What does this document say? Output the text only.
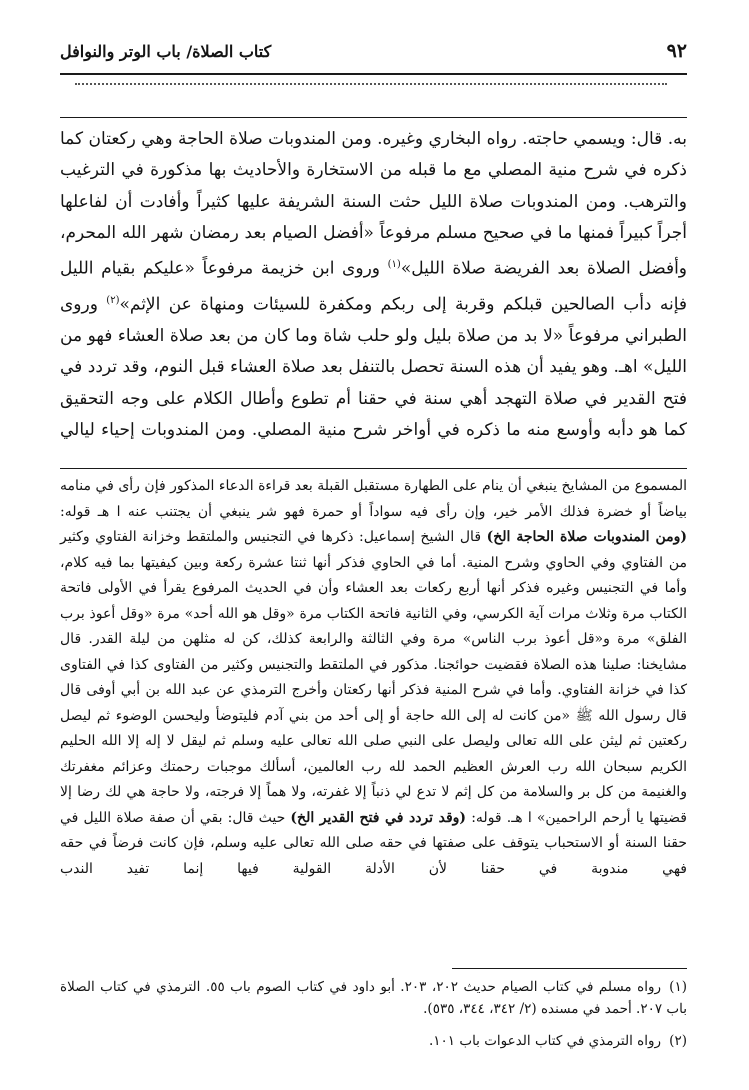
٩٢
كتاب الصلاة/ باب الوتر والنوافل

به. قال: ويسمي حاجته. رواه البخاري وغيره. ومن المندوبات صلاة الحاجة وهي ركعتان كما ذكره في شرح منية المصلي مع ما قبله من الاستخارة والأحاديث بها مذكورة في الترغيب والترهب. ومن المندوبات صلاة الليل حثت السنة الشريفة عليها كثيراً وأفادت أن لفاعلها أجراً كبيراً فمنها ما في صحيح مسلم مرفوعاً «أفضل الصيام بعد رمضان شهر الله المحرم، وأفضل الصلاة بعد الفريضة صلاة الليل»$^{(١)}$ وروى ابن خزيمة مرفوعاً «عليكم بقيام الليل فإنه دأب الصالحين قبلكم وقربة إلى ربكم ومكفرة للسيئات ومنهاة عن الإثم»$^{(٢)}$ وروى الطبراني مرفوعاً «لا بد من صلاة بليل ولو حلب شاة وما كان من بعد صلاة العشاء فهو من الليل» اهـ. وهو يفيد أن هذه السنة تحصل بالتنفل بعد صلاة العشاء قبل النوم، وقد تردد في فتح القدير في صلاة التهجد أهي سنة في حقنا أم تطوع وأطال الكلام على وجه التحقيق كما هو دأبه وأوسع منه ما ذكره في أواخر شرح منية المصلي. ومن المندوبات إحياء ليالي

المسموع من المشايخ ينبغي أن ينام على الطهارة مستقبل القبلة بعد قراءة الدعاء المذكور فإن رأى في منامه بياضاً أو خضرة فذلك الأمر خير، وإن رأى فيه سواداً أو حمرة فهو شر ينبغي أن يجتنب عنه ا هـ قوله:
(ومن المندوبات صلاة الحاجة الخ) قال الشيخ إسماعيل: ذكرها في التجنيس والملتقط وخزانة الفتاوي وكثير من الفتاوي وفي الحاوي وشرح المنية. أما في الحاوي فذكر أنها ثنتا عشرة ركعة وبين كيفيتها بما فيه كلام، وأما في التجنيس وغيره فذكر أنها أربع ركعات بعد العشاء وأن في الحديث المرفوع يقرأ في الأولى فاتحة الكتاب مرة وثلاث مرات آية الكرسي، وفي الثانية فاتحة الكتاب مرة «وقل هو الله أحد» مرة «وقل أعوذ برب الفلق» مرة و«قل أعوذ برب الناس» مرة وفي الثالثة والرابعة كذلك، كن له مثلهن من ليلة القدر. قال مشايخنا: صلينا هذه الصلاة فقضيت حوائجنا. مذكور في الملتقط والتجنيس وكثير من الفتاوى كذا في الفتاوى كذا في خزانة الفتاوي. وأما في شرح المنية فذكر أنها ركعتان وأخرج الترمذي عن عبد الله بن أبي أوفى قال قال رسول الله ﷺ «من كانت له إلى الله حاجة أو إلى أحد من بني آدم فليتوضأ وليحسن الوضوء ثم ليصل ركعتين ثم ليثن على الله تعالى وليصل على النبي صلى الله تعالى عليه وسلم ثم ليقل لا إله إلا الله الحليم الكريم سبحان الله رب العرش العظيم الحمد لله رب العالمين، أسألك موجبات رحمتك وعزائم مغفرتك والغنيمة من كل بر والسلامة من كل إثم لا تدع لي ذنباً إلا غفرته، ولا هماً إلا فرجته، ولا حاجة هي لك رضا إلا قضيتها يا أرحم الراحمين» ا هـ. قوله: (وقد تردد في فتح القدير الخ) حيث قال: بقي أن صفة صلاة الليل في حقنا السنة أو الاستحباب يتوقف على صفتها في حقه صلى الله تعالى عليه وسلم، فإن كانت فرضاً في حقه فهي مندوبة في حقنا لأن الأدلة القولية فيها إنما تفيد الندب

(١)رواه مسلم في كتاب الصيام حديث ٢٠٢، ٢٠٣. أبو داود في كتاب الصوم باب ٥٥. الترمذي في كتاب الصلاة باب ٢٠٧. أحمد في مسنده (٢/ ٣٤٢، ٣٤٤، ٥٣٥).

(٢)رواه الترمذي في كتاب الدعوات باب ١٠١.
